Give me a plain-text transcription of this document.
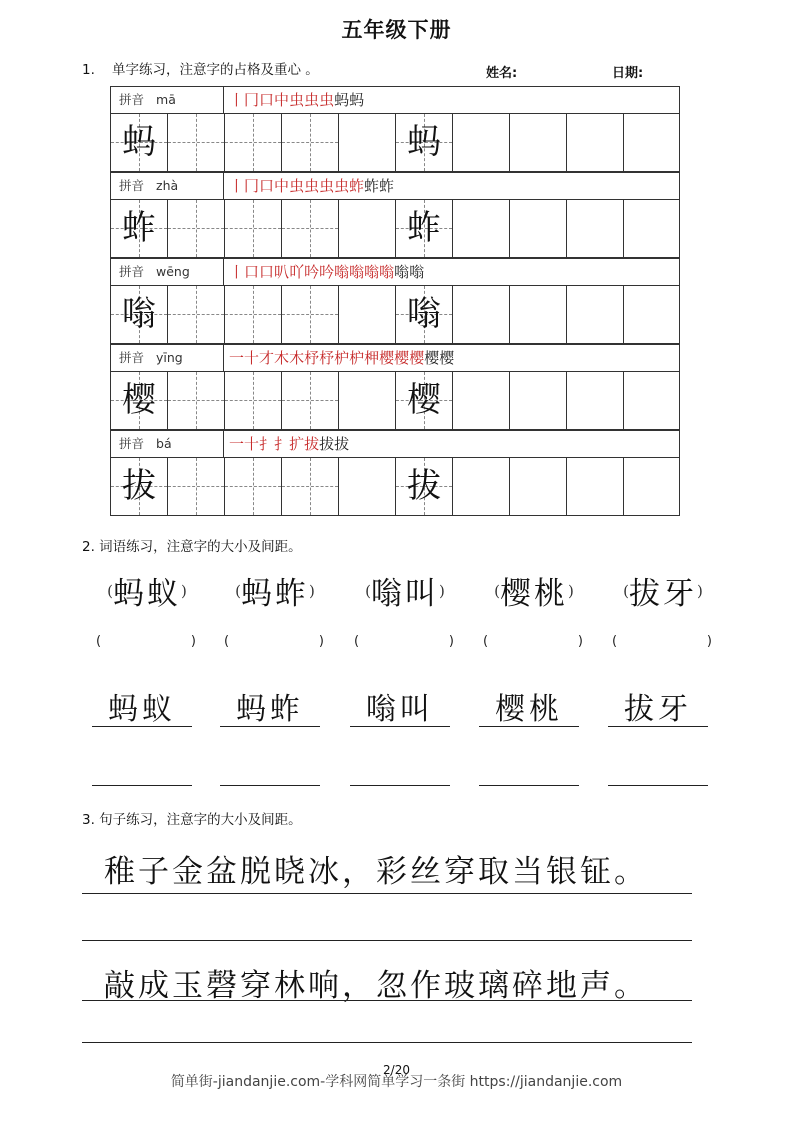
五年级下册
1. 单字练习，注意字的占格及重心 。	姓名:	日期:
拼音 mā	丨冂口中虫虫虫蚂蚂
蚂	蚂
拼音 zhà	丨冂口中虫虫虫虫蚱蚱蚱
蚱	蚱
拼音 wēng	丨口口叭吖吟吟嗡嗡嗡嗡嗡嗡
嗡	嗡
拼音 yīng	一十才木木杼杼枦枦柙樱樱樱樱樱
樱	樱
拼音 bá	一十扌扌扩拔拔拔
拔	拔
2. 词语练习，注意字的大小及间距。
(蚂蚁)
(	)
蚂蚁
(蚂蚱)
(	)
蚂蚱
(嗡叫)
(	)
嗡叫
(樱桃)
(	)
樱桃
(拔牙)
(	)
拔牙
3. 句子练习，注意字的大小及间距。
稚子金盆脱晓冰，彩丝穿取当银钲。
敲成玉磬穿林响，忽作玻璃碎地声。
2/20
简单街-jiandanjie.com-学科网简单学习一条街 https://jiandanjie.com
